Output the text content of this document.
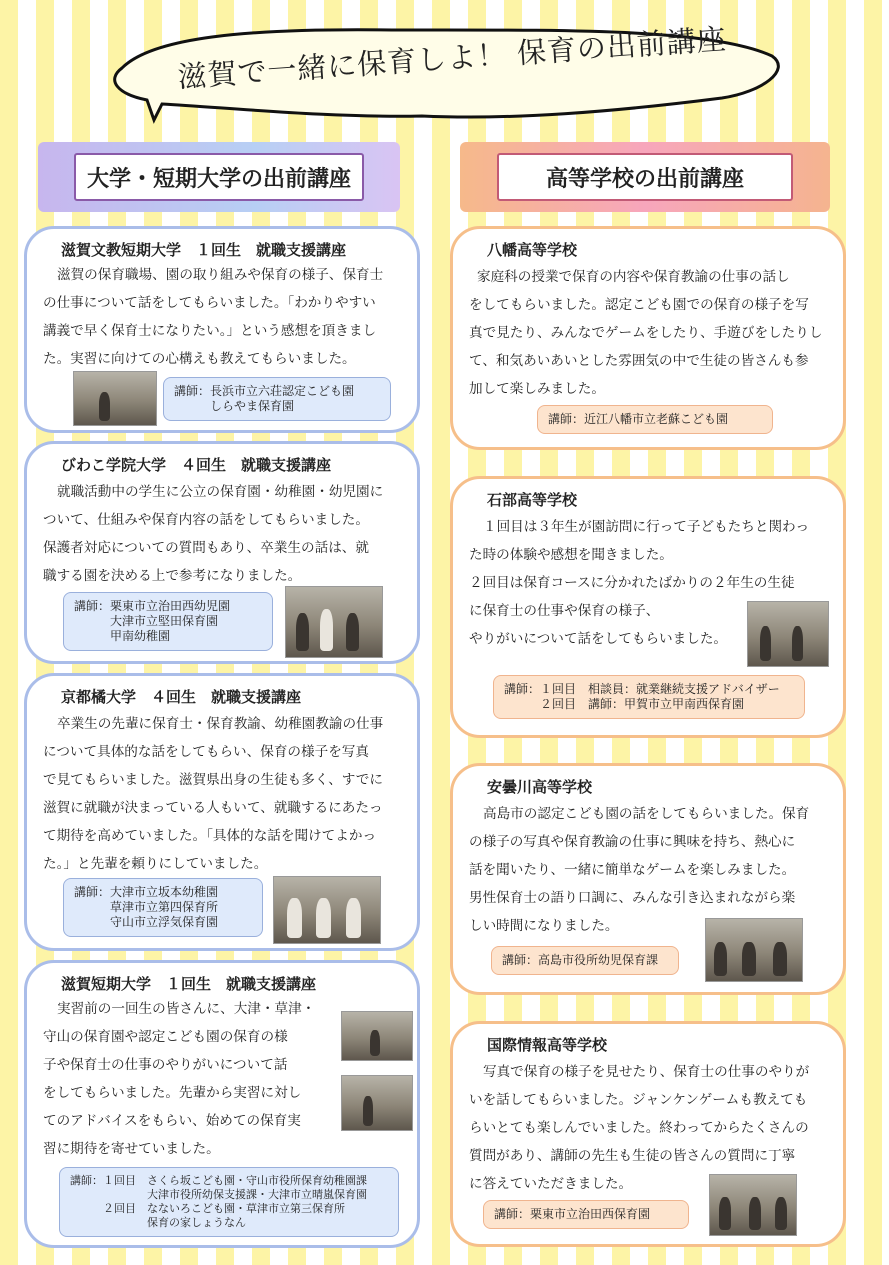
滋賀で一緒に保育しよ！ 保育の出前講座
大学・短期大学の出前講座	高等学校の出前講座
滋賀文教短期大学　１回生　就職支援講座
滋賀の保育職場、園の取り組みや保育の様子、保育士
の仕事について話をしてもらいました。「わかりやすい
講義で早く保育士になりたい。」という感想を頂きまし
た。実習に向けての心構えも教えてもらいました。
講師：長浜市立六荘認定こども園
　　　しらやま保育園
びわこ学院大学　４回生　就職支援講座
就職活動中の学生に公立の保育園・幼稚園・幼児園に
ついて、仕組みや保育内容の話をしてもらいました。
保護者対応についての質問もあり、卒業生の話は、就
職する園を決める上で参考になりました。
講師：栗東市立治田西幼児園
　　　大津市立堅田保育園
　　　甲南幼稚園
京都橘大学　４回生　就職支援講座
卒業生の先輩に保育士・保育教諭、幼稚園教諭の仕事
について具体的な話をしてもらい、保育の様子を写真
で見てもらいました。滋賀県出身の生徒も多く、すでに
滋賀に就職が決まっている人もいて、就職するにあたっ
て期待を高めていました。「具体的な話を聞けてよかっ
た。」と先輩を頼りにしていました。
講師：大津市立坂本幼稚園
　　　草津市立第四保育所
　　　守山市立浮気保育園
滋賀短期大学　１回生　就職支援講座
実習前の一回生の皆さんに、大津・草津・
守山の保育園や認定こども園の保育の様
子や保育士の仕事のやりがいについて話
をしてもらいました。先輩から実習に対し
てのアドバイスをもらい、始めての保育実
習に期待を寄せていました。
講師：１回目　さくら坂こども園・守山市役所保育幼稚園課
　　　　　　　大津市役所幼保支援課・大津市立晴嵐保育園
　　　２回目　なないろこども園・草津市立第三保育所
　　　　　　　保育の家しょうなん
八幡高等学校
家庭科の授業で保育の内容や保育教諭の仕事の話し
をしてもらいました。認定こども園での保育の様子を写
真で見たり、みんなでゲームをしたり、手遊びをしたりし
て、和気あいあいとした雰囲気の中で生徒の皆さんも参
加して楽しみました。
講師：近江八幡市立老蘇こども園
石部高等学校
１回目は３年生が園訪問に行って子どもたちと関わっ
た時の体験や感想を聞きました。
２回目は保育コースに分かれたばかりの２年生の生徒
に保育士の仕事や保育の様子、
やりがいについて話をしてもらいました。
講師：１回目　相談員：就業継続支援アドバイザー
　　　２回目　講師：甲賀市立甲南西保育園
安曇川高等学校
高島市の認定こども園の話をしてもらいました。保育
の様子の写真や保育教諭の仕事に興味を持ち、熱心に
話を聞いたり、一緒に簡単なゲームを楽しみました。
男性保育士の語り口調に、みんな引き込まれながら楽
しい時間になりました。
講師：高島市役所幼児保育課
国際情報高等学校
写真で保育の様子を見せたり、保育士の仕事のやりが
いを話してもらいました。ジャンケンゲームも教えても
らいとても楽しんでいました。終わってからたくさんの
質問があり、講師の先生も生徒の皆さんの質問に丁寧
に答えていただきました。
講師：栗東市立治田西保育園
